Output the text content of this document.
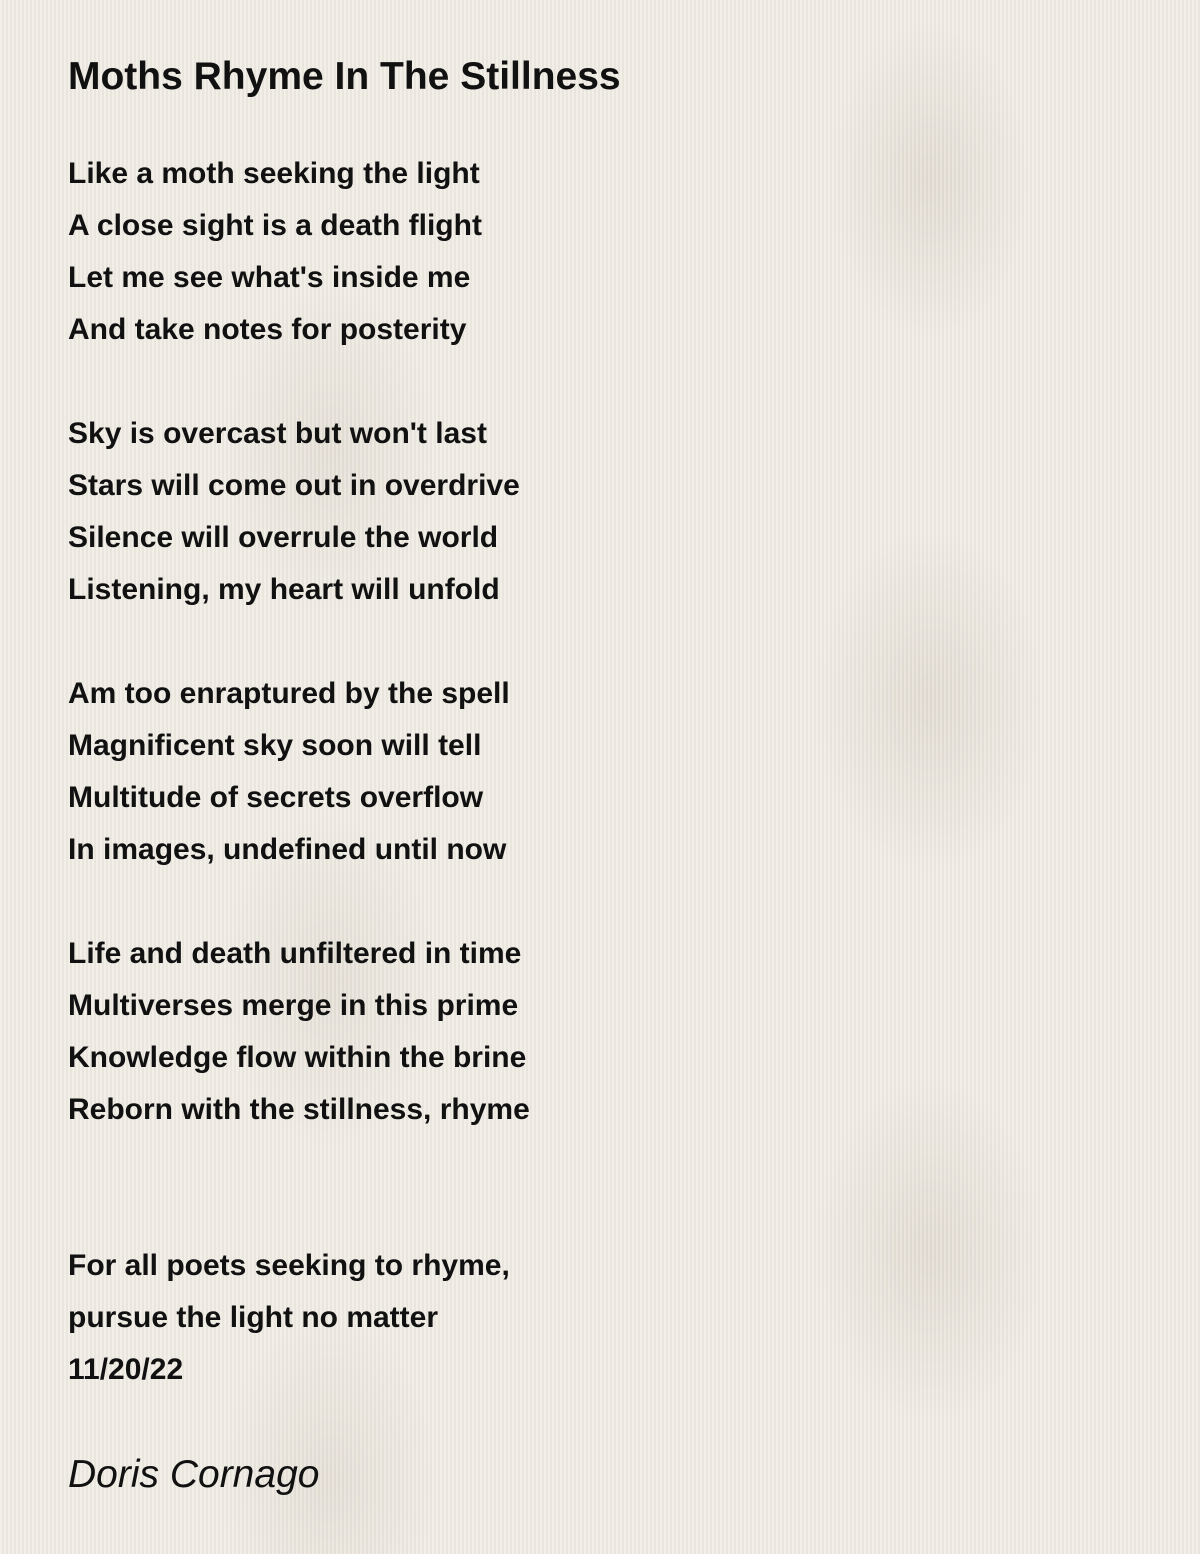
Moths Rhyme In The Stillness
Like a moth seeking the light
A close sight is a death flight
Let me see what's inside me
And take notes for posterity
Sky is overcast but won't last
Stars will come out in overdrive
Silence will overrule the world
Listening, my heart will unfold
Am too enraptured by the spell
Magnificent sky soon will tell
Multitude of secrets overflow
In images, undefined until now
Life and death unfiltered in time
Multiverses merge in this prime
Knowledge flow within the brine
Reborn with the stillness, rhyme
For all poets seeking to rhyme,
pursue the light no matter
11/20/22
Doris Cornago
